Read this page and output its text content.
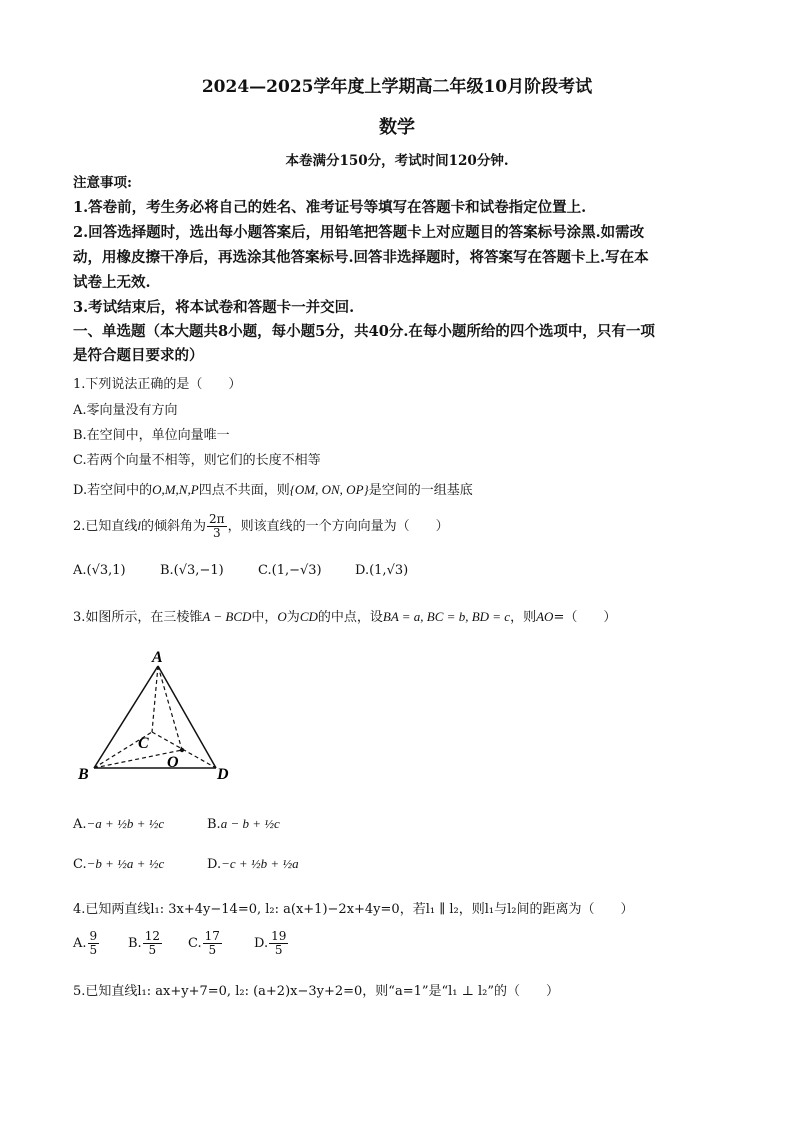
2024—2025学年度上学期高二年级10月阶段考试
数学
本卷满分150分，考试时间120分钟.
注意事项:
1.答卷前，考生务必将自己的姓名、准考证号等填写在答题卡和试卷指定位置上.
2.回答选择题时，选出每小题答案后，用铅笔把答题卡上对应题目的答案标号涂黑.如需改
动，用橡皮擦干净后，再选涂其他答案标号.回答非选择题时，将答案写在答题卡上.写在本
试卷上无效.
3.考试结束后，将本试卷和答题卡一并交回.
一、单选题（本大题共8小题，每小题5分，共40分.在每小题所给的四个选项中，只有一项
是符合题目要求的）
1.下列说法正确的是（　　）
A.零向量没有方向
B.在空间中，单位向量唯一
C.若两个向量不相等，则它们的长度不相等
D.若空间中的O,M,N,P四点不共面，则{OM, ON, OP}是空间的一组基底
2.已知直线l的倾斜角为 $\frac{2\pi}{3}$ ，则该直线的一个方向向量为（　　）
A.(√3,1)	B.(√3,−1)	C.(1,−√3)	D.(1,√3)
3.如图所示，在三棱锥A − BCD中，O为CD的中点，设BA = a, BC = b, BD = c，则AO=（　　）
A
B
C
D
O
A.−a + ½b + ½c	B.a − b + ½c
C.−b + ½a + ½c	D.−c + ½b + ½a
4.已知两直线l₁: 3x+4y−14=0, l₂: a(x+1)−2x+4y=0，若l₁ ∥ l₂，则l₁与l₂间的距离为（　　）
A. $\frac{9}{5} B$. $\frac{12}{5} C$. $\frac{17}{5} D$. $\frac{19}{5}$
5.已知直线l₁: ax+y+7=0, l₂: (a+2)x−3y+2=0，则“a=1”是“l₁ ⊥ l₂”的（　　）
